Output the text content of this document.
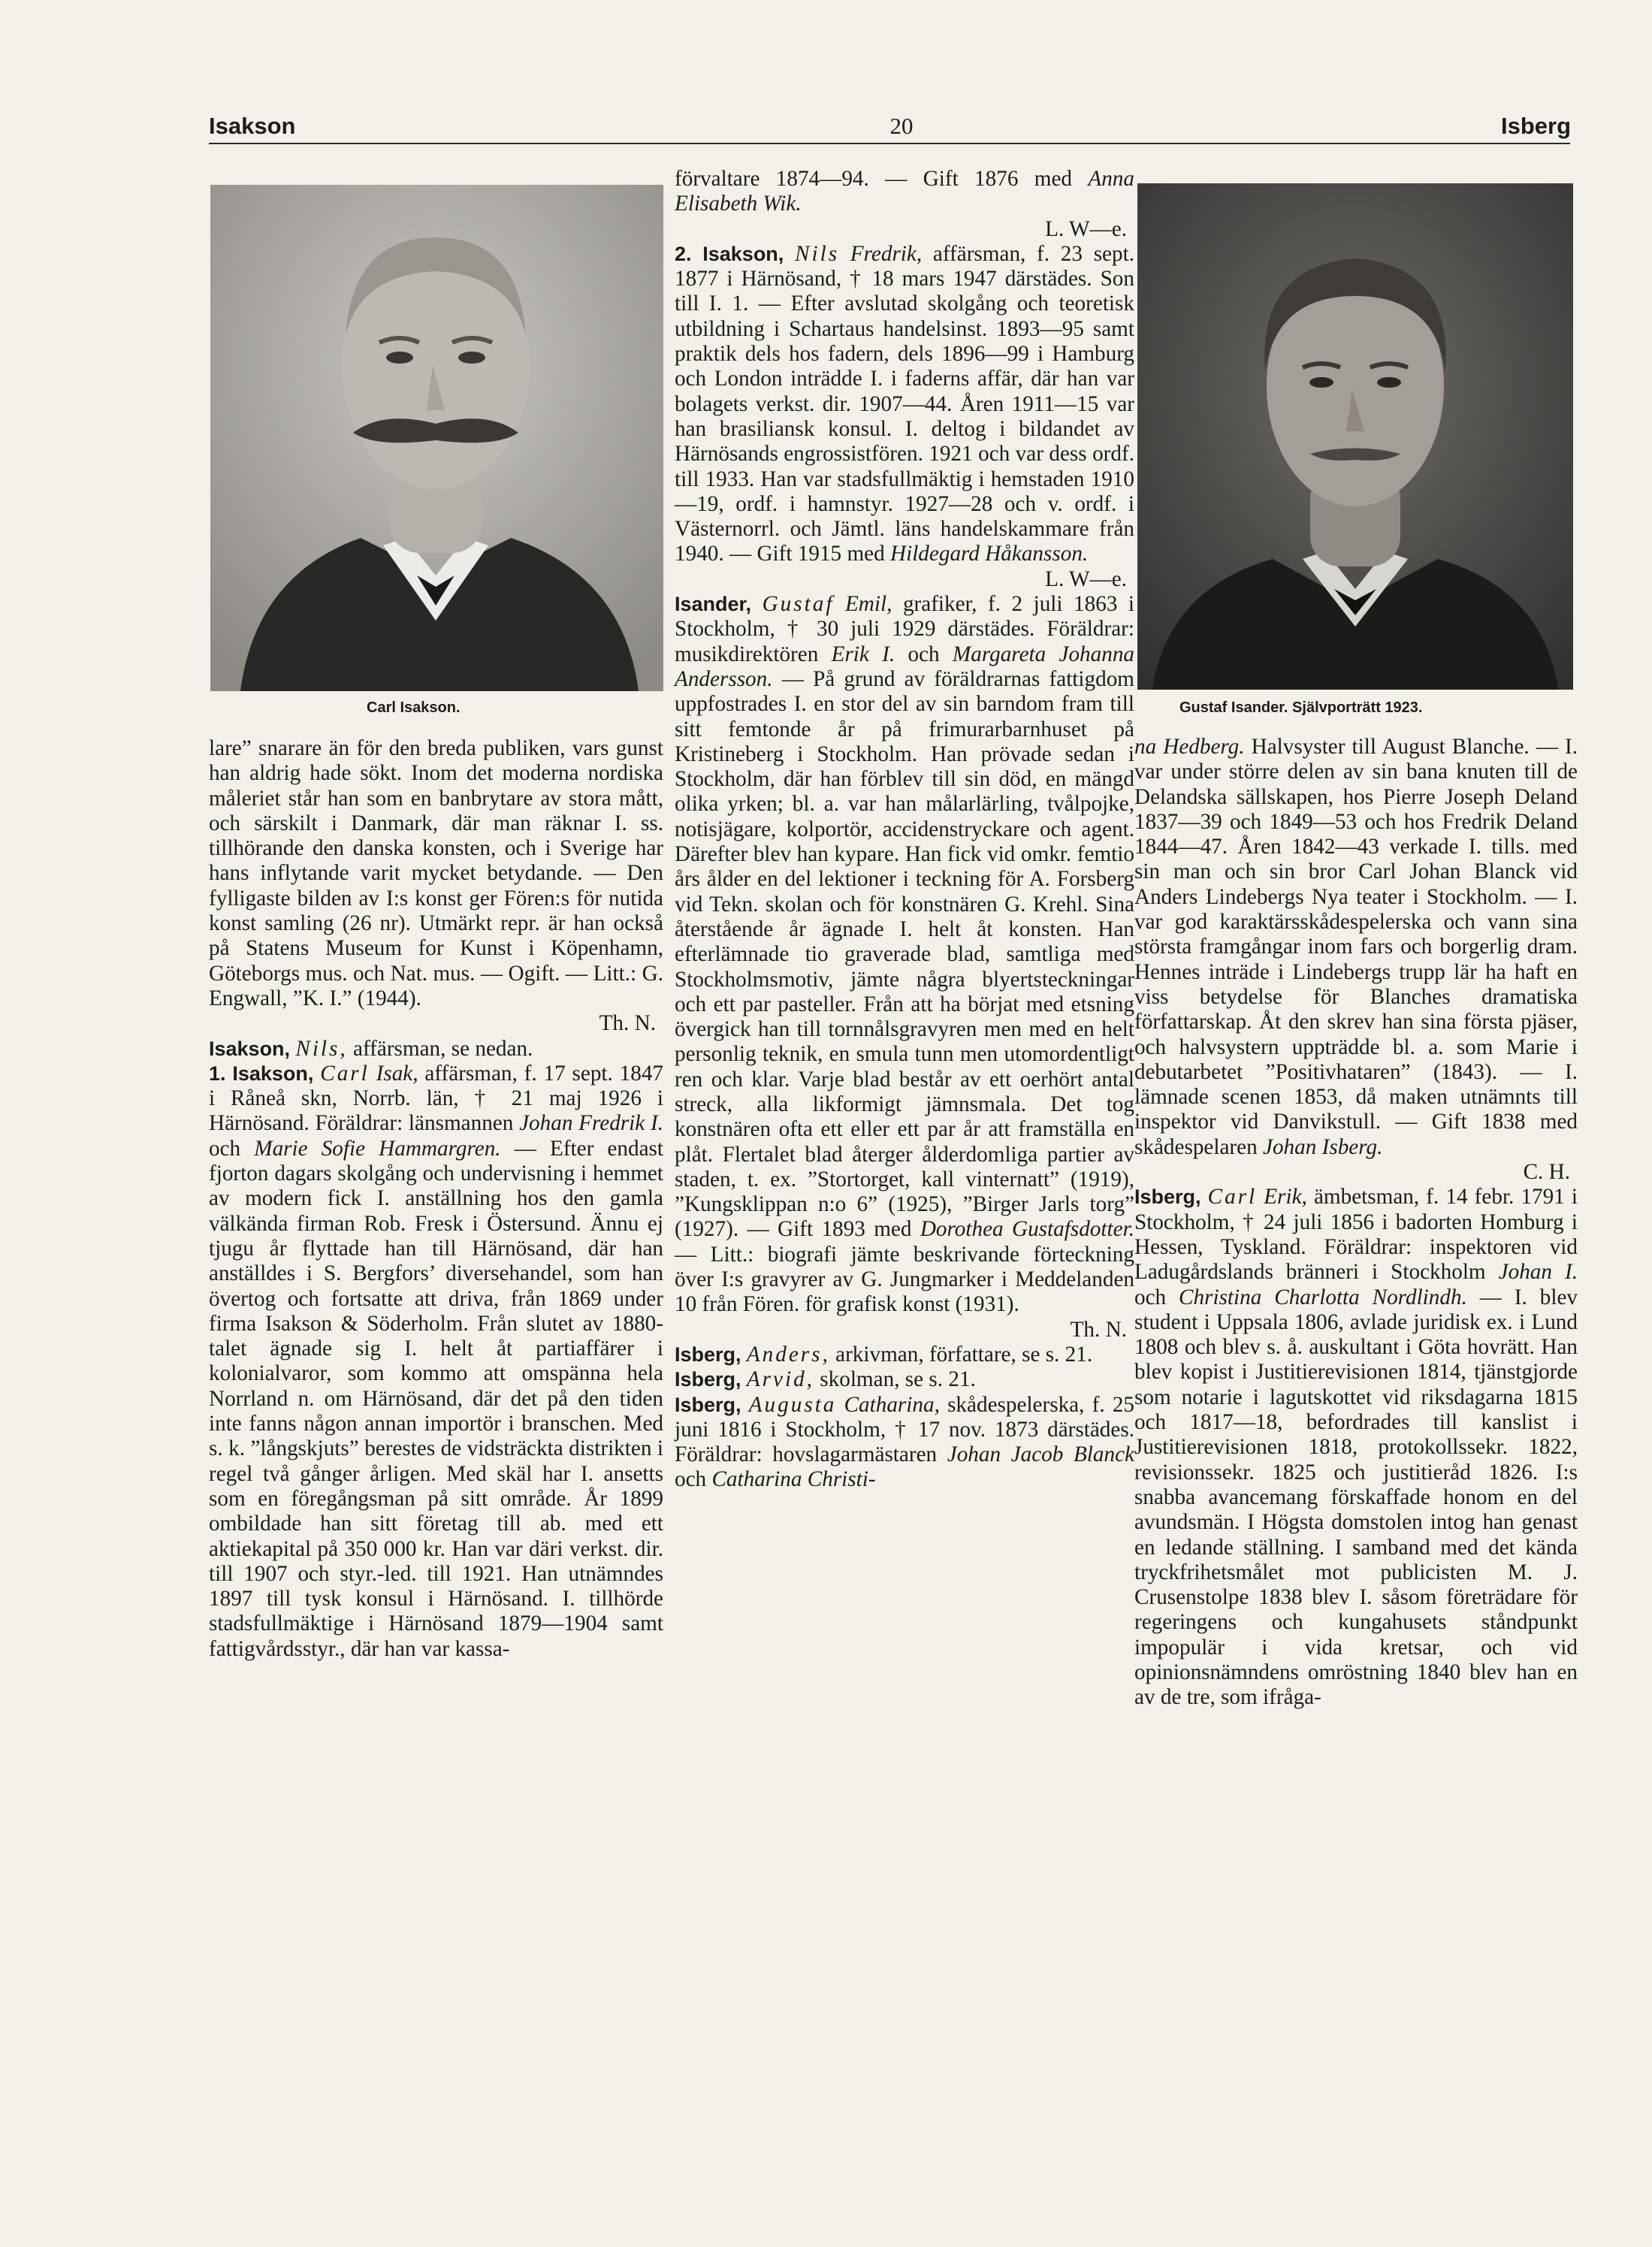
Isakson	20	Isberg
Carl Isakson.	Gustaf Isander. Självporträtt 1923.

lare” snarare än för den breda publiken, vars gunst han aldrig hade sökt. Inom det moderna nordiska måleriet står han som en banbrytare av stora mått, och särskilt i Danmark, där man räknar I. ss. tillhörande den danska konsten, och i Sverige har hans inflytande varit mycket betydande. — Den fylligaste bilden av I:s konst ger Fören:s för nutida konst samling (26 nr). Utmärkt repr. är han också på Statens Museum for Kunst i Köpenhamn, Göteborgs mus. och Nat. mus. — Ogift. — Litt.: G. Engwall, ”K. I.” (1944).
Th. N.

Isakson, Nils, affärsman, se nedan.

1. Isakson, Carl Isak, affärsman, f. 17 sept. 1847 i Råneå skn, Norrb. län, † 21 maj 1926 i Härnösand. Föräldrar: länsmannen Johan Fredrik I. och Marie Sofie Hammargren. — Efter endast fjorton dagars skolgång och undervisning i hemmet av modern fick I. anställning hos den gamla välkända firman Rob. Fresk i Östersund. Ännu ej tjugu år flyttade han till Härnösand, där han anställdes i S. Bergfors’ diversehandel, som han övertog och fortsatte att driva, från 1869 under firma Isakson & Söderholm. Från slutet av 1880-talet ägnade sig I. helt åt partiaffärer i kolonialvaror, som kommo att omspänna hela Norrland n. om Härnösand, där det på den tiden inte fanns någon annan importör i branschen. Med s. k. ”långskjuts” berestes de vidsträckta distrikten i regel två gånger årligen. Med skäl har I. ansetts som en föregångsman på sitt område. År 1899 ombildade han sitt företag till ab. med ett aktiekapital på 350 000 kr. Han var däri verkst. dir. till 1907 och styr.-led. till 1921. Han utnämndes 1897 till tysk konsul i Härnösand. I. tillhörde stadsfullmäktige i Härnösand 1879—1904 samt fattigvårdsstyr., där han var kassa-

förvaltare 1874—94. — Gift 1876 med Anna Elisabeth Wik.
L. W—e.

2. Isakson, Nils Fredrik, affärsman, f. 23 sept. 1877 i Härnösand, † 18 mars 1947 därstädes. Son till I. 1. — Efter avslutad skolgång och teoretisk utbildning i Schartaus handelsinst. 1893—95 samt praktik dels hos fadern, dels 1896—99 i Hamburg och London inträdde I. i faderns affär, där han var bolagets verkst. dir. 1907—44. Åren 1911—15 var han brasiliansk konsul. I. deltog i bildandet av Härnösands engrossistfören. 1921 och var dess ordf. till 1933. Han var stadsfullmäktig i hemstaden 1910—19, ordf. i hamnstyr. 1927—28 och v. ordf. i Västernorrl. och Jämtl. läns handelskammare från 1940. — Gift 1915 med Hildegard Håkansson.
L. W—e.

Isander, Gustaf Emil, grafiker, f. 2 juli 1863 i Stockholm, † 30 juli 1929 därstädes. Föräldrar: musikdirektören Erik I. och Margareta Johanna Andersson. — På grund av föräldrarnas fattigdom uppfostrades I. en stor del av sin barndom fram till sitt femtonde år på frimurarbarnhuset på Kristineberg i Stockholm. Han prövade sedan i Stockholm, där han förblev till sin död, en mängd olika yrken; bl. a. var han målarlärling, tvålpojke, notisjägare, kolportör, accidenstryckare och agent. Därefter blev han kypare. Han fick vid omkr. femtio års ålder en del lektioner i teckning för A. Forsberg vid Tekn. skolan och för konstnären G. Krehl. Sina återstående år ägnade I. helt åt konsten. Han efterlämnade tio graverade blad, samtliga med Stockholmsmotiv, jämte några blyertsteckningar och ett par pasteller. Från att ha börjat med etsning övergick han till tornnålsgravyren men med en helt personlig teknik, en smula tunn men utomordentligt ren och klar. Varje blad består av ett oerhört antal streck, alla likformigt jämnsmala. Det tog konstnären ofta ett eller ett par år att framställa en plåt. Flertalet blad återger ålderdomliga partier av staden, t. ex. ”Stortorget, kall vinternatt” (1919), ”Kungsklippan n:o 6” (1925), ”Birger Jarls torg” (1927). — Gift 1893 med Dorothea Gustafsdotter. — Litt.: biografi jämte beskrivande förteckning över I:s gravyrer av G. Jungmarker i Meddelanden 10 från Fören. för grafisk konst (1931).
Th. N.

Isberg, Anders, arkivman, författare, se s. 21.

Isberg, Arvid, skolman, se s. 21.

Isberg, Augusta Catharina, skådespelerska, f. 25 juni 1816 i Stockholm, † 17 nov. 1873 därstädes. Föräldrar: hovslagarmästaren Johan Jacob Blanck och Catharina Christi-

na Hedberg. Halvsyster till August Blanche. — I. var under större delen av sin bana knuten till de Delandska sällskapen, hos Pierre Joseph Deland 1837—39 och 1849—53 och hos Fredrik Deland 1844—47. Åren 1842—43 verkade I. tills. med sin man och sin bror Carl Johan Blanck vid Anders Lindebergs Nya teater i Stockholm. — I. var god karaktärsskådespelerska och vann sina största framgångar inom fars och borgerlig dram. Hennes inträde i Lindebergs trupp lär ha haft en viss betydelse för Blanches dramatiska författarskap. Åt den skrev han sina första pjäser, och halvsystern uppträdde bl. a. som Marie i debutarbetet ”Positivhataren” (1843). — I. lämnade scenen 1853, då maken utnämnts till inspektor vid Danvikstull. — Gift 1838 med skådespelaren Johan Isberg.
C. H.

Isberg, Carl Erik, ämbetsman, f. 14 febr. 1791 i Stockholm, † 24 juli 1856 i badorten Homburg i Hessen, Tyskland. Föräldrar: inspektoren vid Ladugårdslands bränneri i Stockholm Johan I. och Christina Charlotta Nordlindh. — I. blev student i Uppsala 1806, avlade juridisk ex. i Lund 1808 och blev s. å. auskultant i Göta hovrätt. Han blev kopist i Justitierevisionen 1814, tjänstgjorde som notarie i lagutskottet vid riksdagarna 1815 och 1817—18, befordrades till kanslist i Justitierevisionen 1818, protokollssekr. 1822, revisionssekr. 1825 och justitieråd 1826. I:s snabba avancemang förskaffade honom en del avundsmän. I Högsta domstolen intog han genast en ledande ställning. I samband med det kända tryckfrihetsmålet mot publicisten M. J. Crusenstolpe 1838 blev I. såsom företrädare för regeringens och kungahusets ståndpunkt impopulär i vida kretsar, och vid opinionsnämndens omröstning 1840 blev han en av de tre, som ifråga-
